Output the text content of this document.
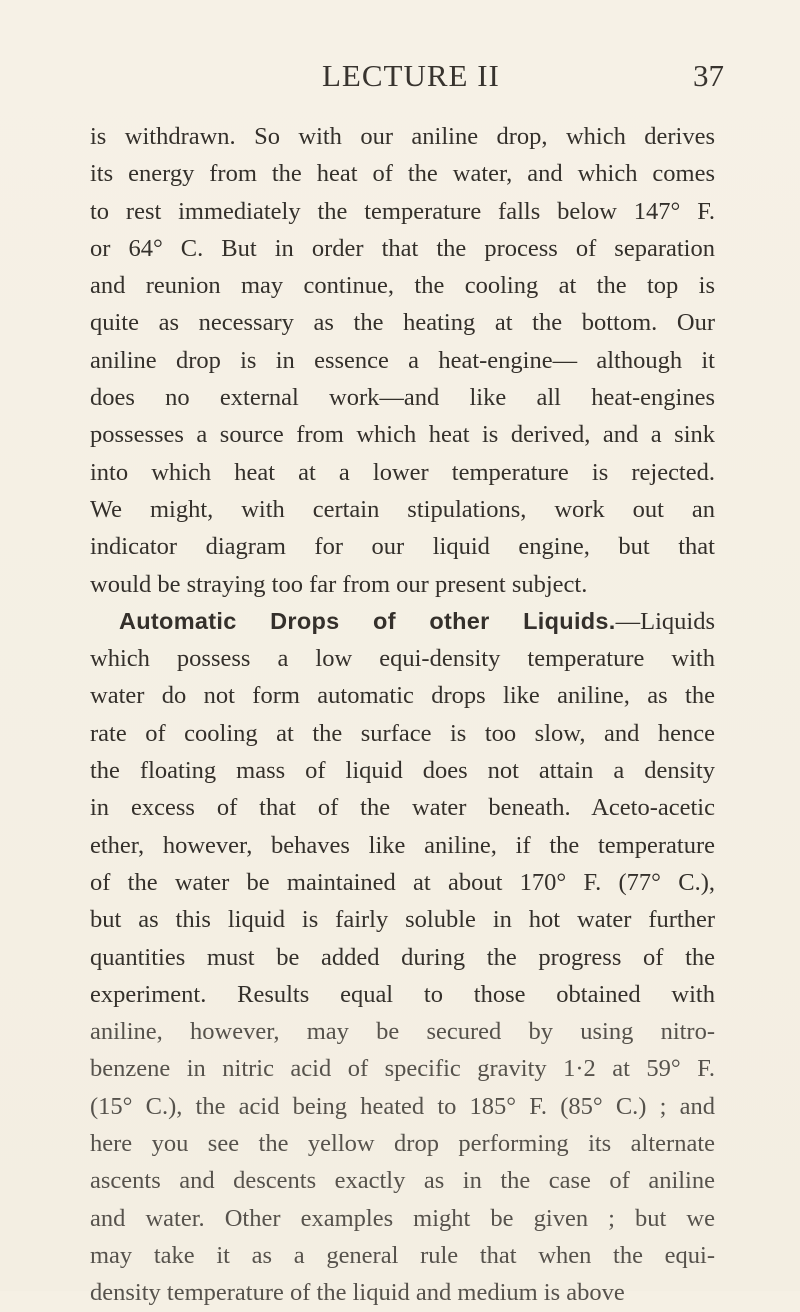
LECTURE II	37
is withdrawn. So with our aniline drop, which derives
its energy from the heat of the water, and which comes
to rest immediately the temperature falls below 147° F.
or 64° C. But in order that the process of separation
and reunion may continue, the cooling at the top is
quite as necessary as the heating at the bottom. Our
aniline drop is in essence a heat-engine— although it
does no external work—and like all heat-engines
possesses a source from which heat is derived, and a sink
into which heat at a lower temperature is rejected.
We might, with certain stipulations, work out an
indicator diagram for our liquid engine, but that
would be straying too far from our present subject.
Automatic Drops of other Liquids.—Liquids
which possess a low equi-density temperature with
water do not form automatic drops like aniline, as the
rate of cooling at the surface is too slow, and hence
the floating mass of liquid does not attain a density
in excess of that of the water beneath. Aceto-acetic
ether, however, behaves like aniline, if the temperature
of the water be maintained at about 170° F. (77° C.),
but as this liquid is fairly soluble in hot water further
quantities must be added during the progress of the
experiment. Results equal to those obtained with
aniline, however, may be secured by using nitro-
benzene in nitric acid of specific gravity 1·2 at 59° F.
(15° C.), the acid being heated to 185° F. (85° C.) ; and
here you see the yellow drop performing its alternate
ascents and descents exactly as in the case of aniline
and water. Other examples might be given ; but we
may take it as a general rule that when the equi-
density temperature of the liquid and medium is above
